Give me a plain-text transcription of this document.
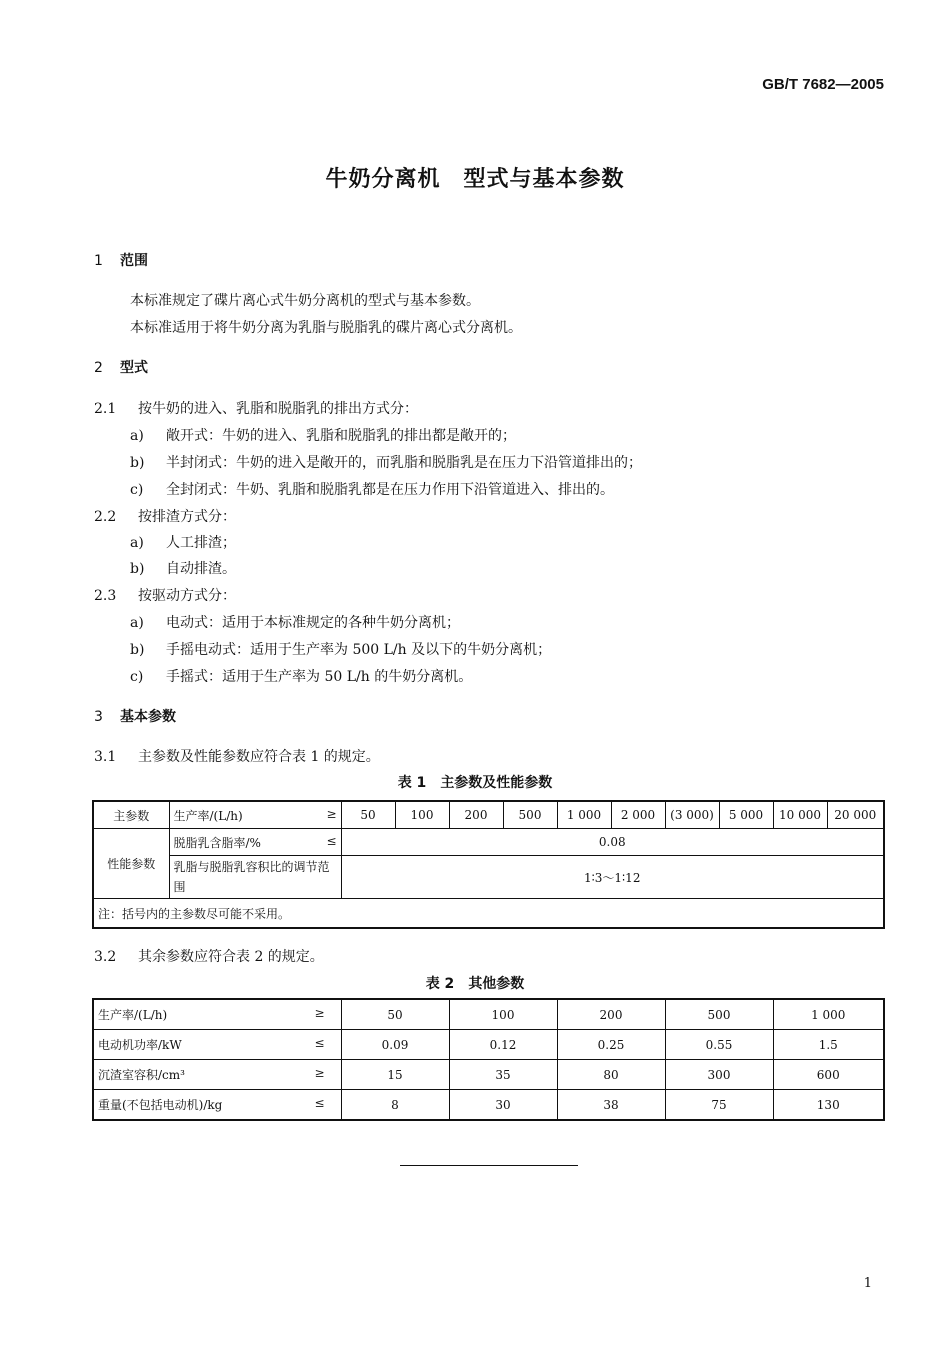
GB/T 7682—2005
牛奶分离机　型式与基本参数
1 范围
本标准规定了碟片离心式牛奶分离机的型式与基本参数。
本标准适用于将牛奶分离为乳脂与脱脂乳的碟片离心式分离机。
2 型式
2.1 按牛奶的进入、乳脂和脱脂乳的排出方式分：
a) 敞开式：牛奶的进入、乳脂和脱脂乳的排出都是敞开的；
b) 半封闭式：牛奶的进入是敞开的，而乳脂和脱脂乳是在压力下沿管道排出的；
c) 全封闭式：牛奶、乳脂和脱脂乳都是在压力作用下沿管道进入、排出的。
2.2 按排渣方式分：
a) 人工排渣；
b) 自动排渣。
2.3 按驱动方式分：
a) 电动式：适用于本标准规定的各种牛奶分离机；
b) 手摇电动式：适用于生产率为 500 L/h 及以下的牛奶分离机；
c) 手摇式：适用于生产率为 50 L/h 的牛奶分离机。
3 基本参数
3.1 主参数及性能参数应符合表 1 的规定。
表 1 主参数及性能参数
主参数	生产率/(L/h) ≥	50	100	200	500	1 000	2 000	(3 000)	5 000	10 000	20 000
性能参数	脱脂乳含脂率/% ≤	0.08									
	乳脂与脱脂乳容积比的调节范围	1∶3～1∶12									
注：括号内的主参数尽可能不采用。											
3.2 其余参数应符合表 2 的规定。
表 2 其他参数
生产率/(L/h) ≥	50	100	200	500	1 000
电动机功率/kW ≤	0.09	0.12	0.25	0.55	1.5
沉渣室容积/cm³ ≥	15	35	80	300	600
重量(不包括电动机)/kg ≤	8	30	38	75	130
1
